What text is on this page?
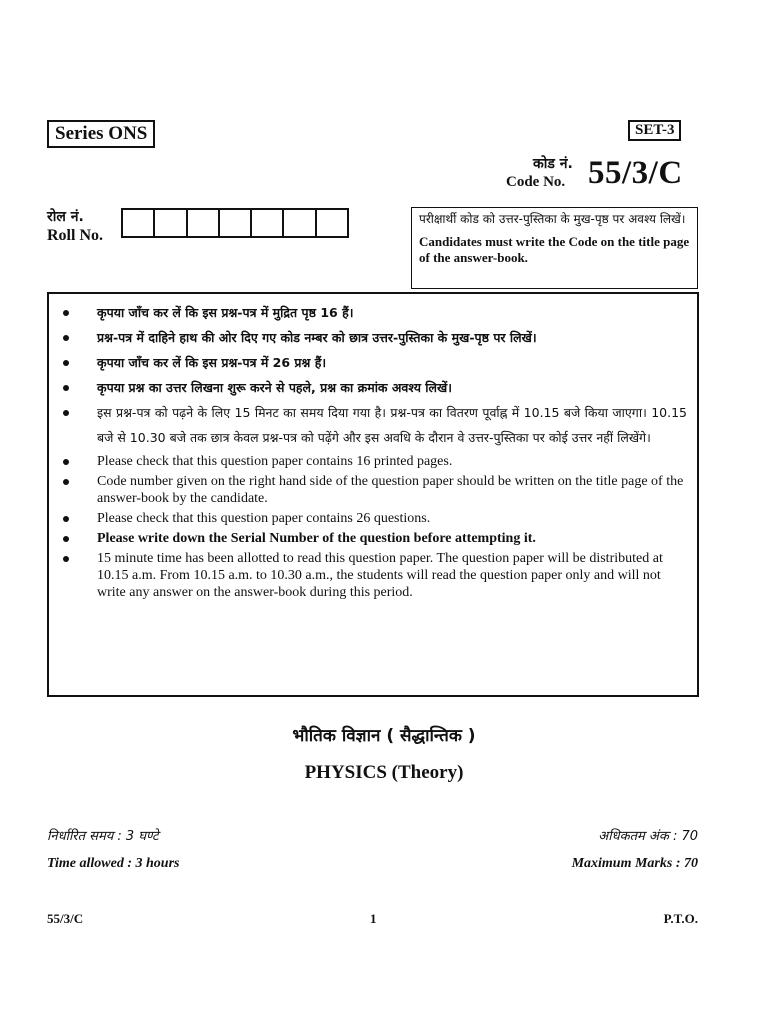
Series ONS	SET-3
कोड नं.
Code No. 55/3/C
रोल नं.
Roll No.
परीक्षार्थी कोड को उत्तर-पुस्तिका के मुख-पृष्ठ पर अवश्य लिखें।
Candidates must write the Code on the title page of the answer-book.
कृपया जाँच कर लें कि इस प्रश्न-पत्र में मुद्रित पृष्ठ 16 हैं।
प्रश्न-पत्र में दाहिने हाथ की ओर दिए गए कोड नम्बर को छात्र उत्तर-पुस्तिका के मुख-पृष्ठ पर लिखें।
कृपया जाँच कर लें कि इस प्रश्न-पत्र में 26 प्रश्न हैं।
कृपया प्रश्न का उत्तर लिखना शुरू करने से पहले, प्रश्न का क्रमांक अवश्य लिखें।
इस प्रश्न-पत्र को पढ़ने के लिए 15 मिनट का समय दिया गया है। प्रश्न-पत्र का वितरण पूर्वाह्न में 10.15 बजे किया जाएगा। 10.15 बजे से 10.30 बजे तक छात्र केवल प्रश्न-पत्र को पढ़ेंगे और इस अवधि के दौरान वे उत्तर-पुस्तिका पर कोई उत्तर नहीं लिखेंगे।
Please check that this question paper contains 16 printed pages.
Code number given on the right hand side of the question paper should be written on the title page of the answer-book by the candidate.
Please check that this question paper contains 26 questions.
Please write down the Serial Number of the question before attempting it.
15 minute time has been allotted to read this question paper. The question paper will be distributed at 10.15 a.m. From 10.15 a.m. to 10.30 a.m., the students will read the question paper only and will not write any answer on the answer-book during this period.
भौतिक विज्ञान ( सैद्धान्तिक )
PHYSICS (Theory)
निर्धारित समय : 3 घण्टे
Time allowed : 3 hours
अधिकतम अंक : 70
Maximum Marks : 70
55/3/C	1	P.T.O.
